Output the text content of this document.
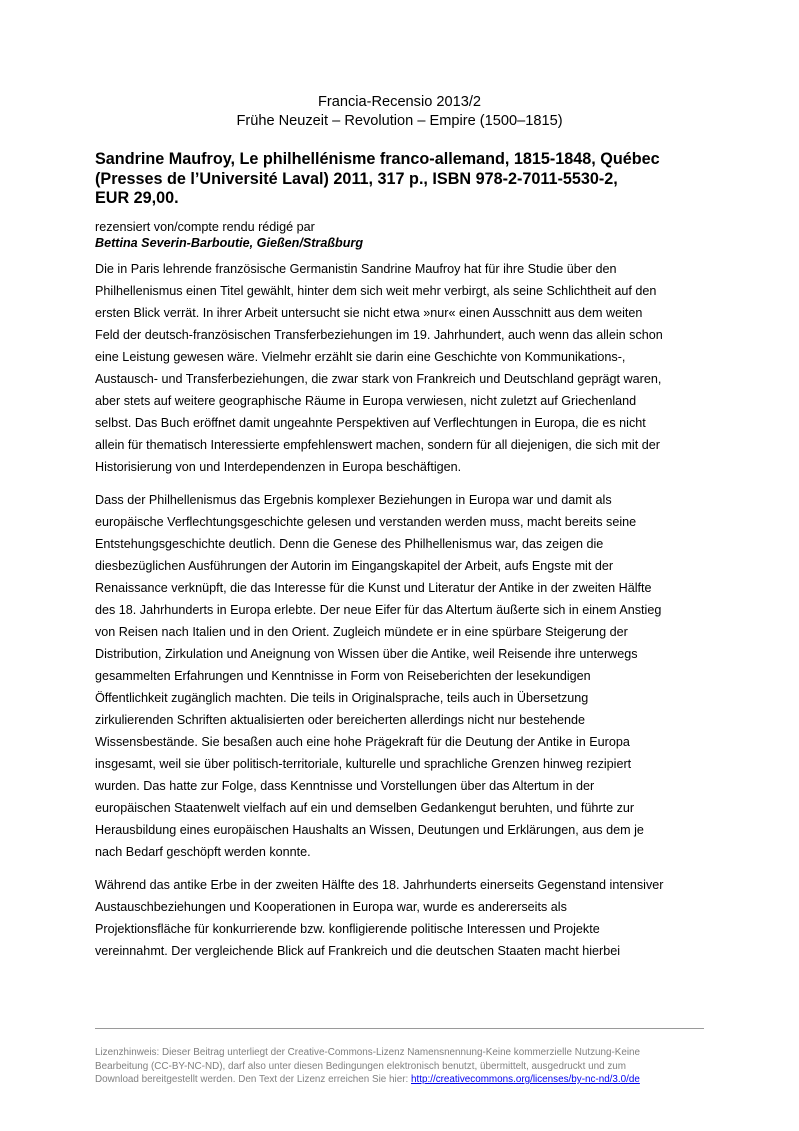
Francia-Recensio 2013/2
Frühe Neuzeit – Revolution – Empire (1500–1815)
Sandrine Maufroy, Le philhellénisme franco-allemand, 1815-1848, Québec
(Presses de l’Université Laval) 2011, 317 p., ISBN 978-2-7011-5530-2,
EUR 29,00.
rezensiert von/compte rendu rédigé par
Bettina Severin-Barboutie, Gießen/Straßburg
Die in Paris lehrende französische Germanistin Sandrine Maufroy hat für ihre Studie über den
Philhellenismus einen Titel gewählt, hinter dem sich weit mehr verbirgt, als seine Schlichtheit auf den
ersten Blick verrät. In ihrer Arbeit untersucht sie nicht etwa »nur« einen Ausschnitt aus dem weiten
Feld der deutsch-französischen Transferbeziehungen im 19. Jahrhundert, auch wenn das allein schon
eine Leistung gewesen wäre. Vielmehr erzählt sie darin eine Geschichte von Kommunikations-,
Austausch- und Transferbeziehungen, die zwar stark von Frankreich und Deutschland geprägt waren,
aber stets auf weitere geographische Räume in Europa verwiesen, nicht zuletzt auf Griechenland
selbst. Das Buch eröffnet damit ungeahnte Perspektiven auf Verflechtungen in Europa, die es nicht
allein für thematisch Interessierte empfehlenswert machen, sondern für all diejenigen, die sich mit der
Historisierung von und Interdependenzen in Europa beschäftigen.
Dass der Philhellenismus das Ergebnis komplexer Beziehungen in Europa war und damit als
europäische Verflechtungsgeschichte gelesen und verstanden werden muss, macht bereits seine
Entstehungsgeschichte deutlich. Denn die Genese des Philhellenismus war, das zeigen die
diesbezüglichen Ausführungen der Autorin im Eingangskapitel der Arbeit, aufs Engste mit der
Renaissance verknüpft, die das Interesse für die Kunst und Literatur der Antike in der zweiten Hälfte
des 18. Jahrhunderts in Europa erlebte. Der neue Eifer für das Altertum äußerte sich in einem Anstieg
von Reisen nach Italien und in den Orient. Zugleich mündete er in eine spürbare Steigerung der
Distribution, Zirkulation und Aneignung von Wissen über die Antike, weil Reisende ihre unterwegs
gesammelten Erfahrungen und Kenntnisse in Form von Reiseberichten der lesekundigen
Öffentlichkeit zugänglich machten. Die teils in Originalsprache, teils auch in Übersetzung
zirkulierenden Schriften aktualisierten oder bereicherten allerdings nicht nur bestehende
Wissensbestände. Sie besaßen auch eine hohe Prägekraft für die Deutung der Antike in Europa
insgesamt, weil sie über politisch-territoriale, kulturelle und sprachliche Grenzen hinweg rezipiert
wurden. Das hatte zur Folge, dass Kenntnisse und Vorstellungen über das Altertum in der
europäischen Staatenwelt vielfach auf ein und demselben Gedankengut beruhten, und führte zur
Herausbildung eines europäischen Haushalts an Wissen, Deutungen und Erklärungen, aus dem je
nach Bedarf geschöpft werden konnte.
Während das antike Erbe in der zweiten Hälfte des 18. Jahrhunderts einerseits Gegenstand intensiver
Austauschbeziehungen und Kooperationen in Europa war, wurde es andererseits als
Projektionsfläche für konkurrierende bzw. konfligierende politische Interessen und Projekte
vereinnahmt. Der vergleichende Blick auf Frankreich und die deutschen Staaten macht hierbei
Lizenzhinweis: Dieser Beitrag unterliegt der Creative-Commons-Lizenz Namensnennung-Keine kommerzielle Nutzung-Keine
Bearbeitung (CC-BY-NC-ND), darf also unter diesen Bedingungen elektronisch benutzt, übermittelt, ausgedruckt und zum
Download bereitgestellt werden. Den Text der Lizenz erreichen Sie hier: http://creativecommons.org/licenses/by-nc-nd/3.0/de
